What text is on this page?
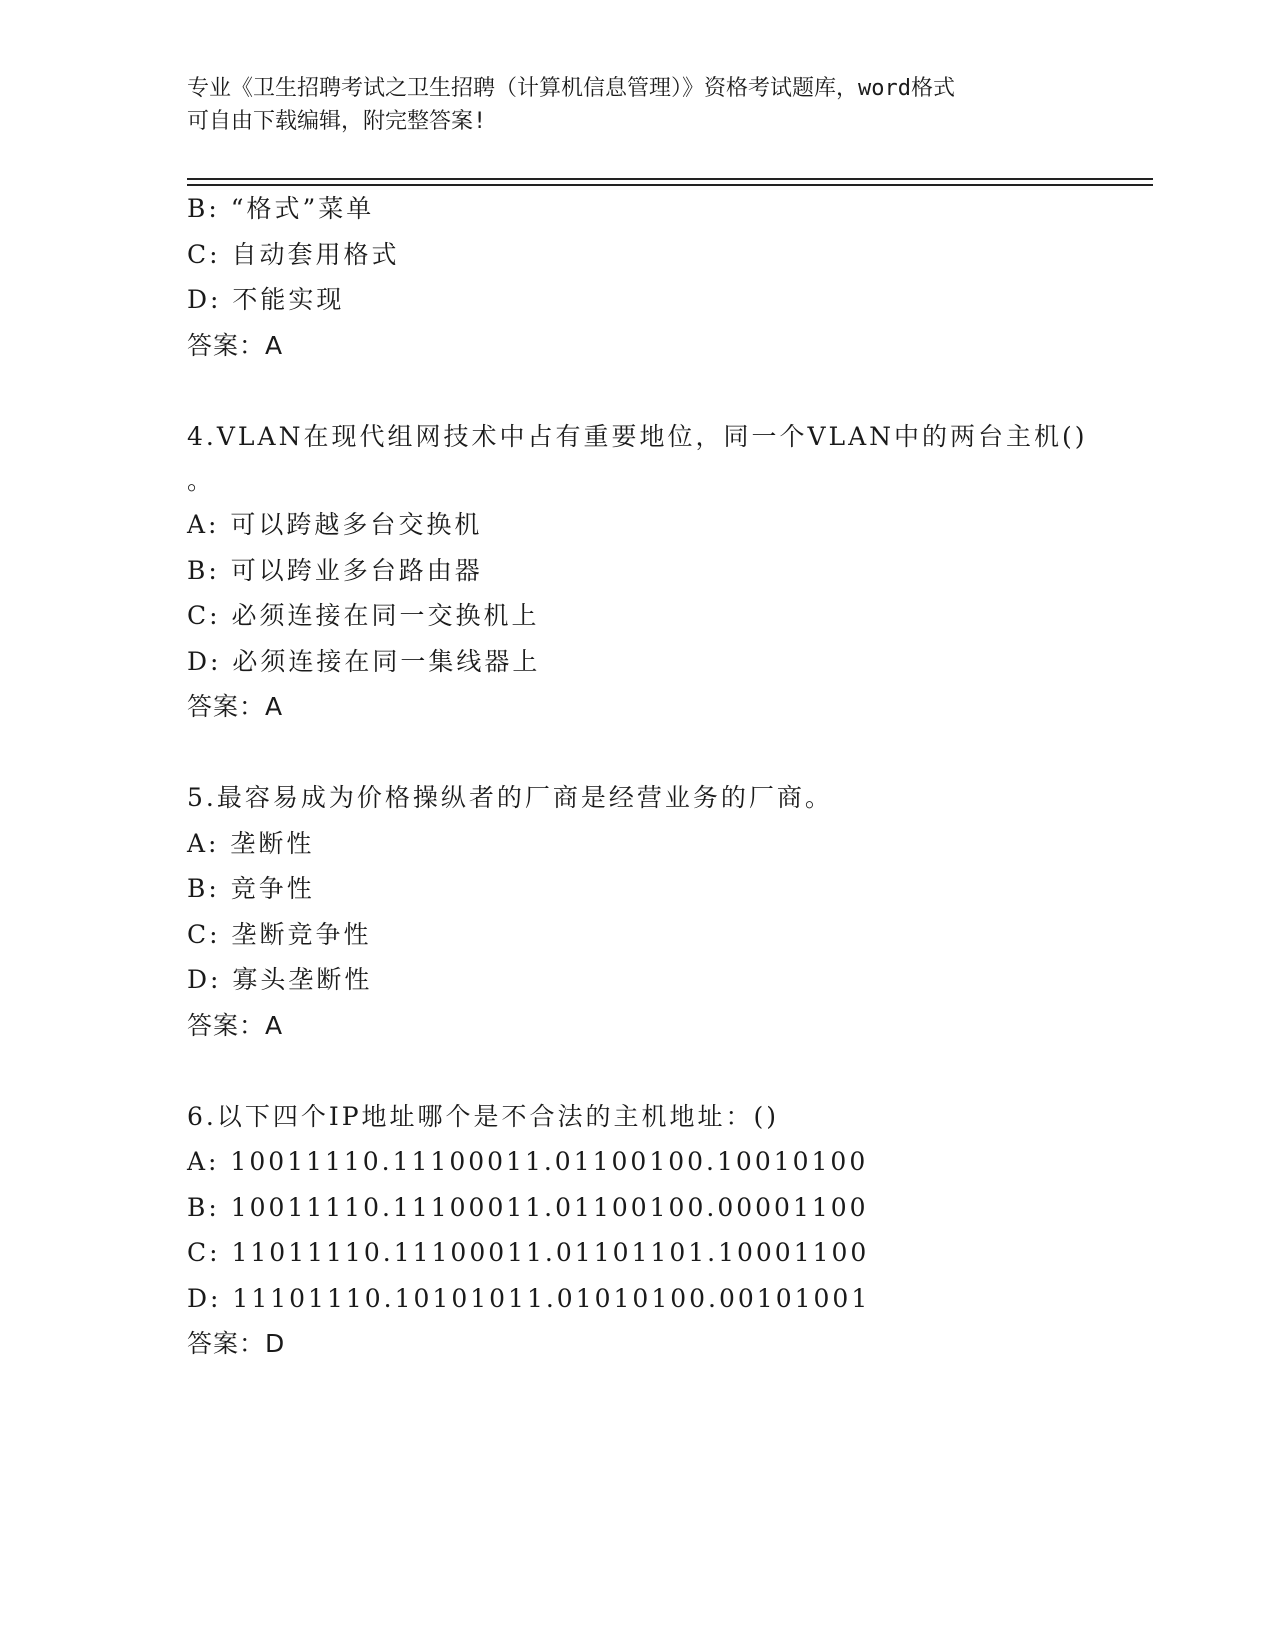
专业《卫生招聘考试之卫生招聘（计算机信息管理）》资格考试题库，word格式
可自由下载编辑，附完整答案!
B: “格式”菜单
C: 自动套用格式
D: 不能实现
答案：A
4.VLAN在现代组网技术中占有重要地位，同一个VLAN中的两台主机()
。
A: 可以跨越多台交换机
B: 可以跨业多台路由器
C: 必须连接在同一交换机上
D: 必须连接在同一集线器上
答案：A
5.最容易成为价格操纵者的厂商是经营业务的厂商。
A: 垄断性
B: 竞争性
C: 垄断竞争性
D: 寡头垄断性
答案：A
6.以下四个IP地址哪个是不合法的主机地址：()
A: 10011110.11100011.01100100.10010100
B: 10011110.11100011.01100100.00001100
C: 11011110.11100011.01101101.10001100
D: 11101110.10101011.01010100.00101001
答案：D
